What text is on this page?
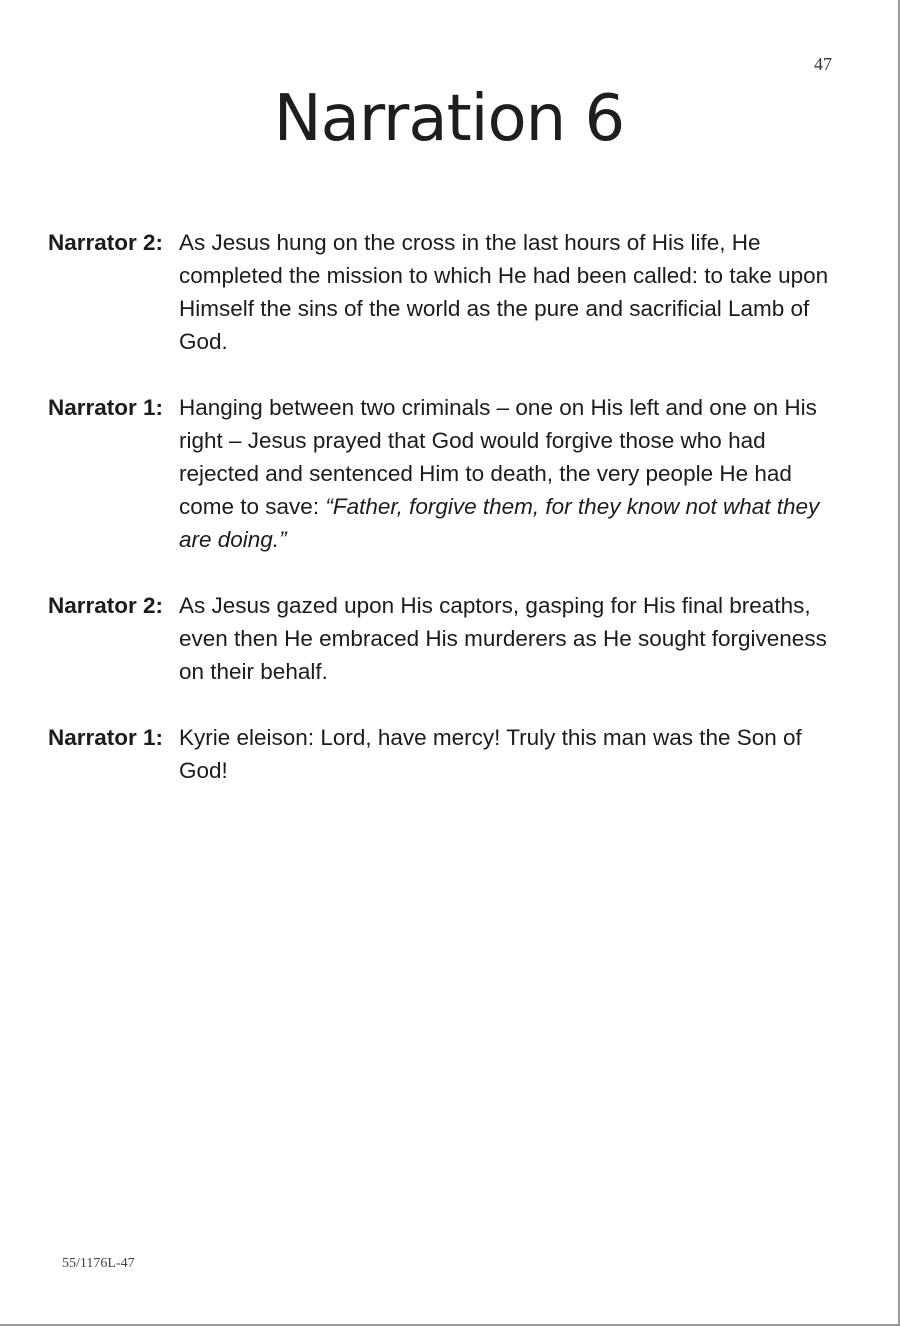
47
Narration 6
Narrator 2: As Jesus hung on the cross in the last hours of His life, He completed the mission to which He had been called: to take upon Himself the sins of the world as the pure and sacrificial Lamb of God.
Narrator 1: Hanging between two criminals – one on His left and one on His right – Jesus prayed that God would forgive those who had rejected and sentenced Him to death, the very people He had come to save: “Father, forgive them, for they know not what they are doing.”
Narrator 2: As Jesus gazed upon His captors, gasping for His final breaths, even then He embraced His murderers as He sought forgiveness on their behalf.
Narrator 1: Kyrie eleison: Lord, have mercy! Truly this man was the Son of God!
55/1176L-47
